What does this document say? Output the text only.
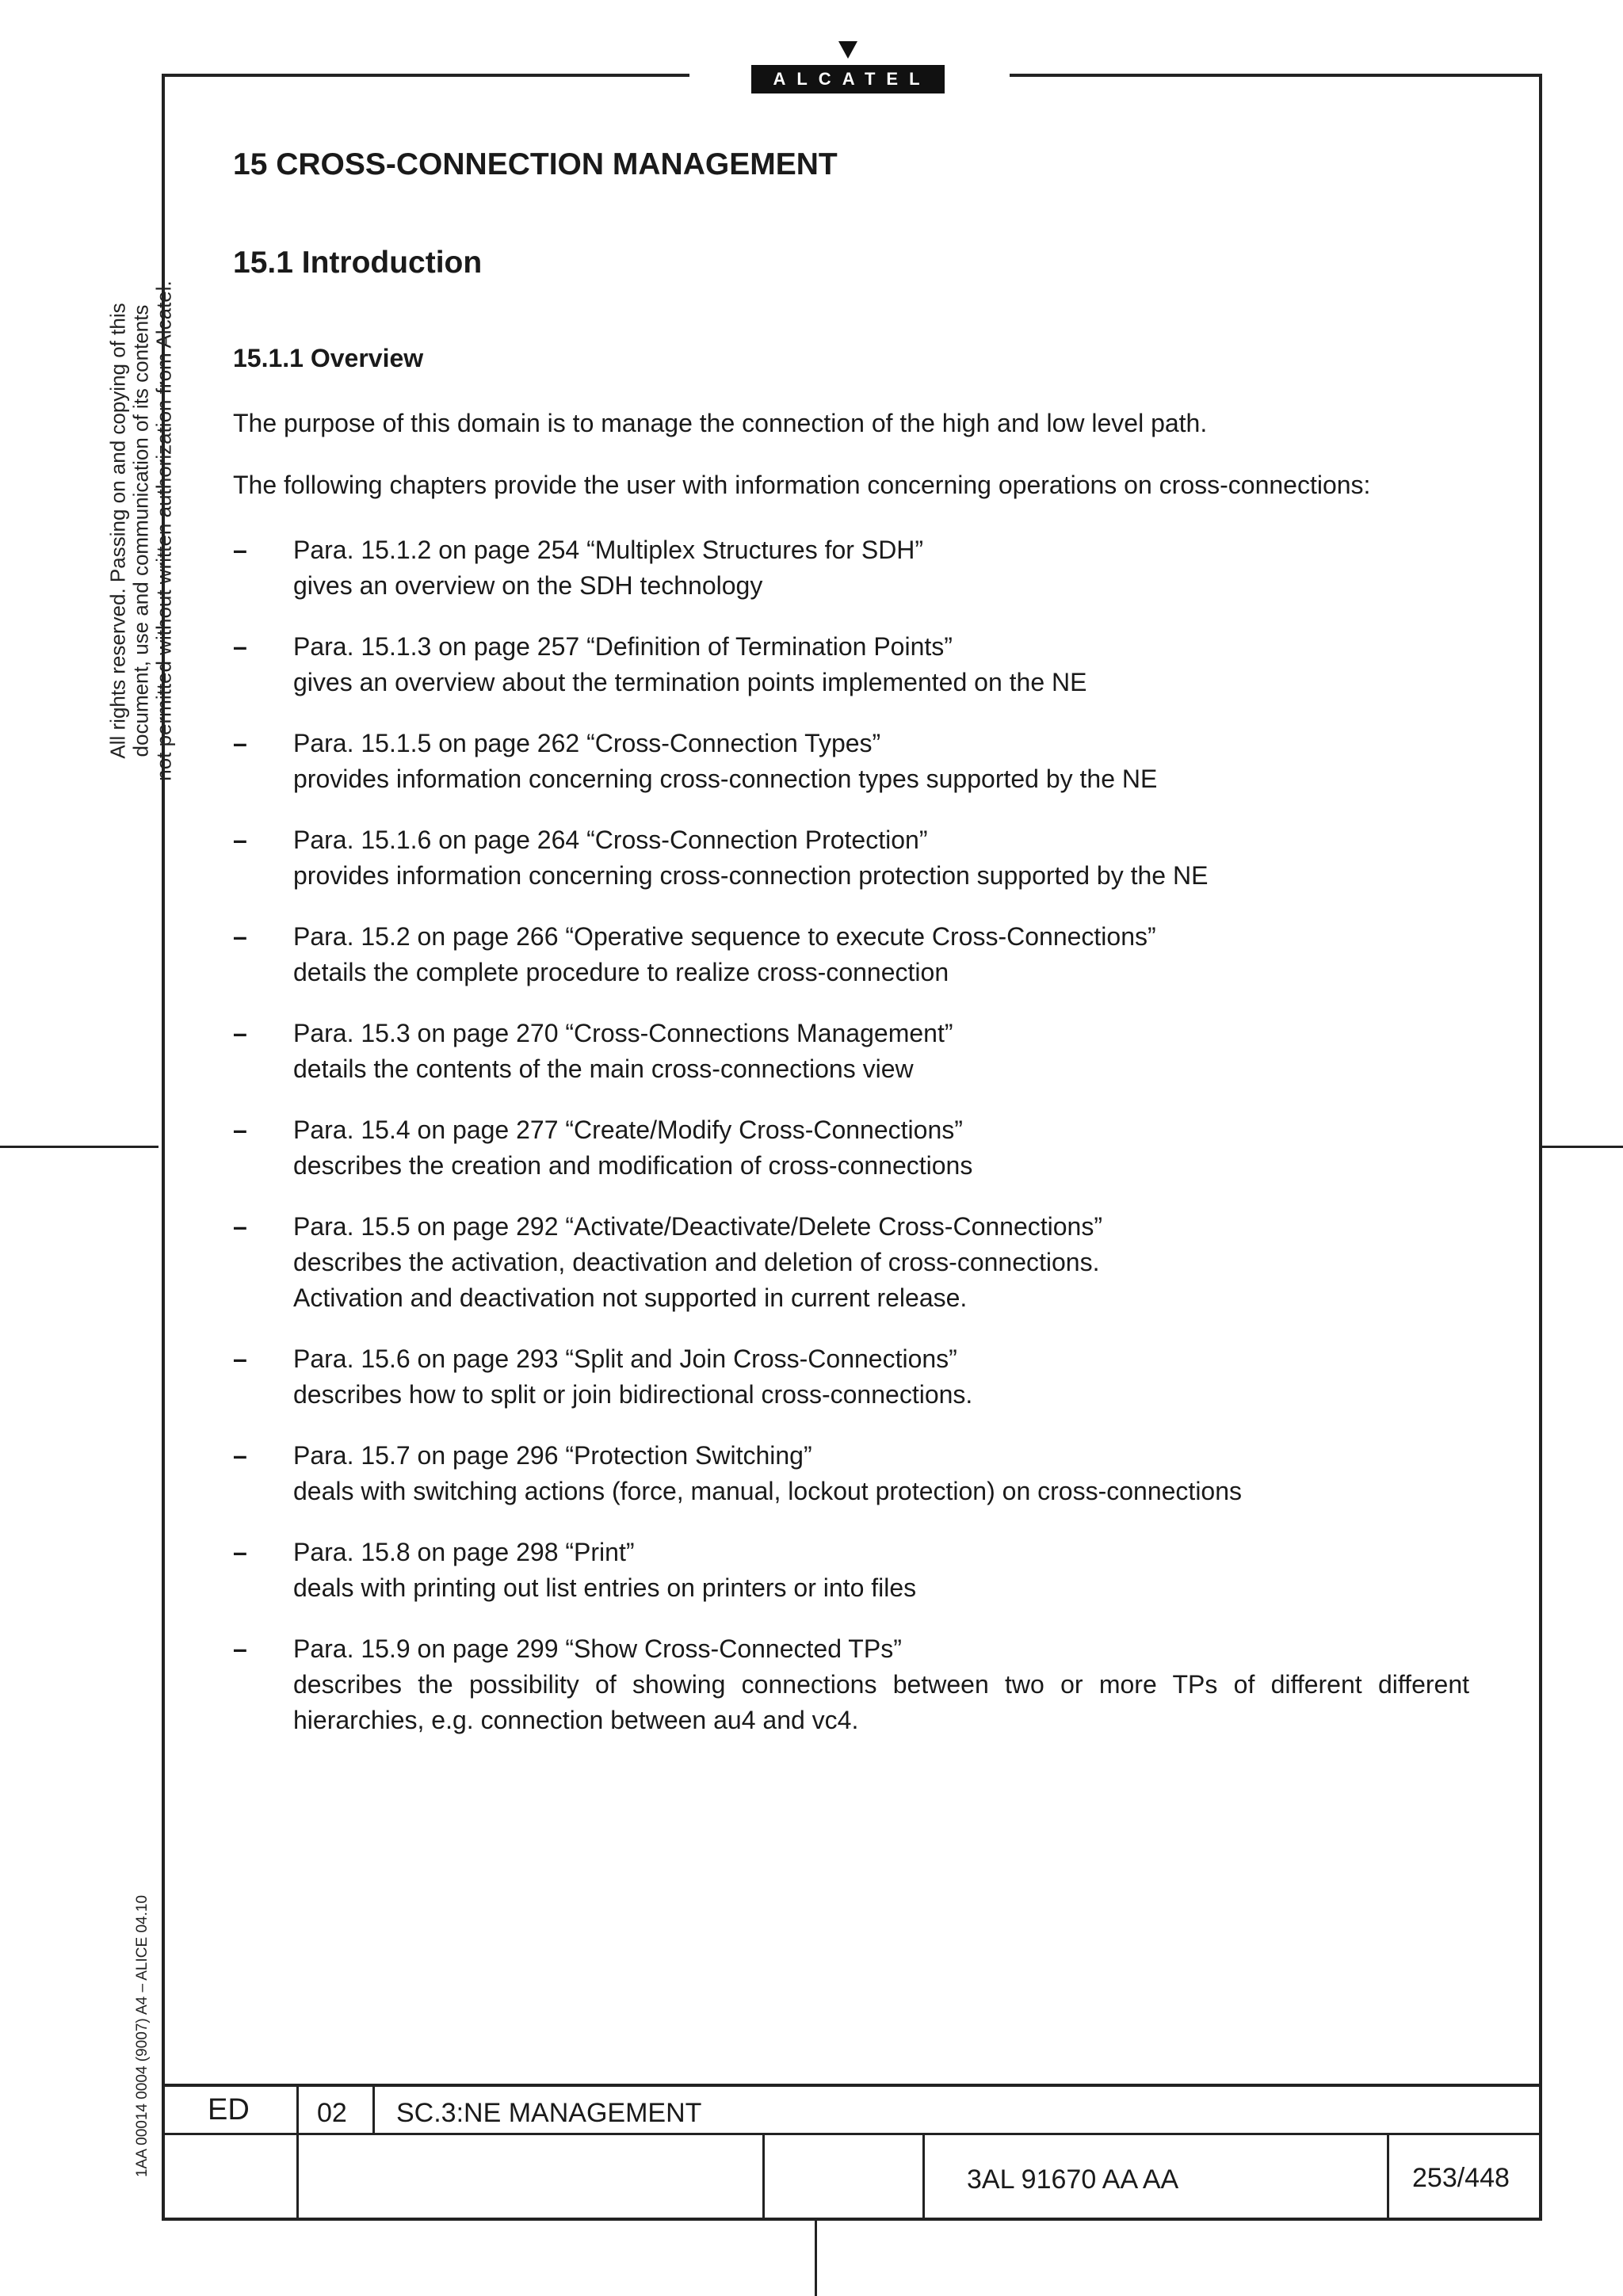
ALCATEL
All rights reserved. Passing on and copying of this document, use and communication of its contents not permitted without written authorization from Alcatel.
1AA 00014 0004 (9007) A4 – ALICE 04.10
15 CROSS-CONNECTION MANAGEMENT
15.1 Introduction
15.1.1 Overview
The purpose of this domain is to manage the connection of the high and low level path.
The following chapters provide the user with information concerning operations on cross-connections:
– Para. 15.1.2 on page 254 “Multiplex Structures for SDH”
gives an overview on the SDH technology
– Para. 15.1.3 on page 257 “Definition of Termination Points”
gives an overview about the termination points implemented on the NE
– Para. 15.1.5 on page 262 “Cross-Connection Types”
provides information concerning cross-connection types supported by the NE
– Para. 15.1.6 on page 264 “Cross-Connection Protection”
provides information concerning cross-connection protection supported by the NE
– Para. 15.2 on page 266 “Operative sequence to execute Cross-Connections”
details the complete procedure to realize cross-connection
– Para. 15.3 on page 270 “Cross-Connections Management”
details the contents of the main cross-connections view
– Para. 15.4 on page 277 “Create/Modify Cross-Connections”
describes the creation and modification of cross-connections
– Para. 15.5 on page 292 “Activate/Deactivate/Delete Cross-Connections”
describes the activation, deactivation and deletion of cross-connections.
Activation and deactivation not supported in current release.
– Para. 15.6 on page 293 “Split and Join Cross-Connections”
describes how to split or join bidirectional cross-connections.
– Para. 15.7 on page 296 “Protection Switching”
deals with switching actions (force, manual, lockout protection) on cross-connections
– Para. 15.8 on page 298 “Print”
deals with printing out list entries on printers or into files
– Para. 15.9 on page 299 “Show Cross-Connected TPs”
describes the possibility of showing connections between two or more TPs of different different hierarchies, e.g. connection between au4 and vc4.
ED	02 SC.3:NE MANAGEMENT
3AL 91670 AA AA	253/448
